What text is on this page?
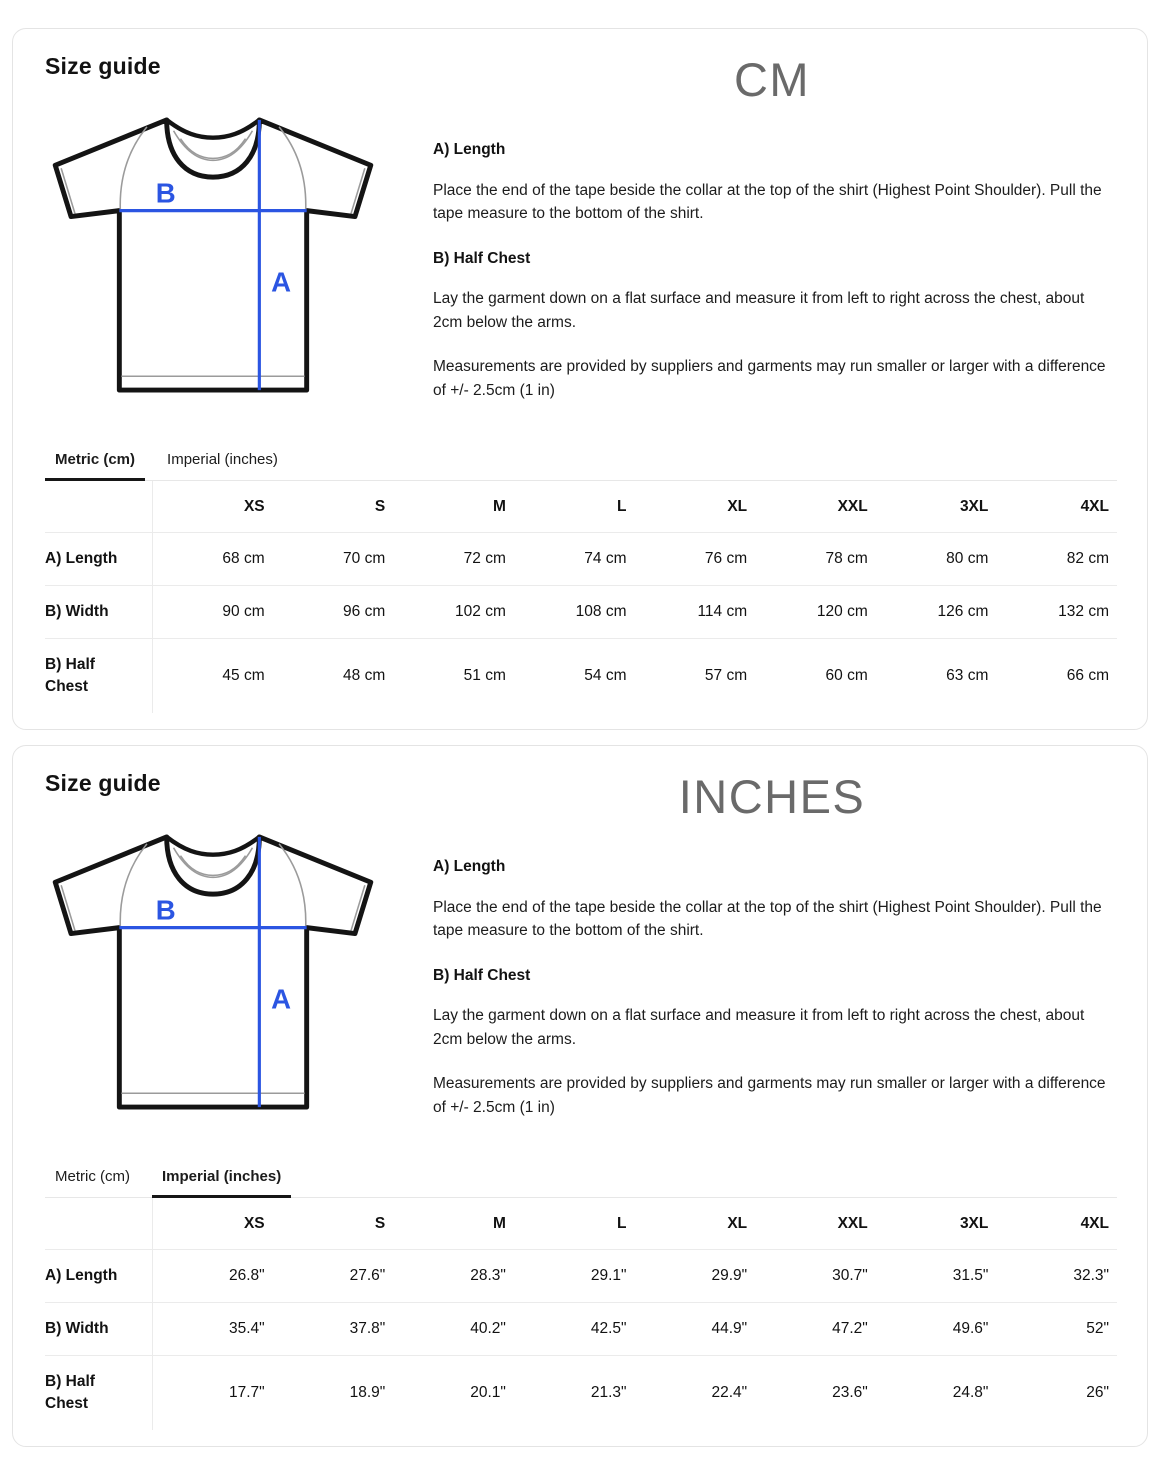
Size guide	CM
B
A
A) Length

Place the end of the tape beside the collar at the top of the shirt (Highest Point Shoulder). Pull the tape measure to the bottom of the shirt.

B) Half Chest

Lay the garment down on a flat surface and measure it from left to right across the chest, about 2cm below the arms.

Measurements are provided by suppliers and garments may run smaller or larger with a difference of +/- 2.5cm (1 in)

Metric (cm)	Imperial (inches)
	XS	S	M	L	XL	XXL	3XL	4XL
A) Length	68 cm	70 cm	72 cm	74 cm	76 cm	78 cm	80 cm	82 cm
B) Width	90 cm	96 cm	102 cm	108 cm	114 cm	120 cm	126 cm	132 cm
B) Half Chest	45 cm	48 cm	51 cm	54 cm	57 cm	60 cm	63 cm	66 cm
Size guide	INCHES
B
A
A) Length

Place the end of the tape beside the collar at the top of the shirt (Highest Point Shoulder). Pull the tape measure to the bottom of the shirt.

B) Half Chest

Lay the garment down on a flat surface and measure it from left to right across the chest, about 2cm below the arms.

Measurements are provided by suppliers and garments may run smaller or larger with a difference of +/- 2.5cm (1 in)

Metric (cm)	Imperial (inches)
	XS	S	M	L	XL	XXL	3XL	4XL
A) Length	26.8"	27.6"	28.3"	29.1"	29.9"	30.7"	31.5"	32.3"
B) Width	35.4"	37.8"	40.2"	42.5"	44.9"	47.2"	49.6"	52"
B) Half Chest	17.7"	18.9"	20.1"	21.3"	22.4"	23.6"	24.8"	26"
